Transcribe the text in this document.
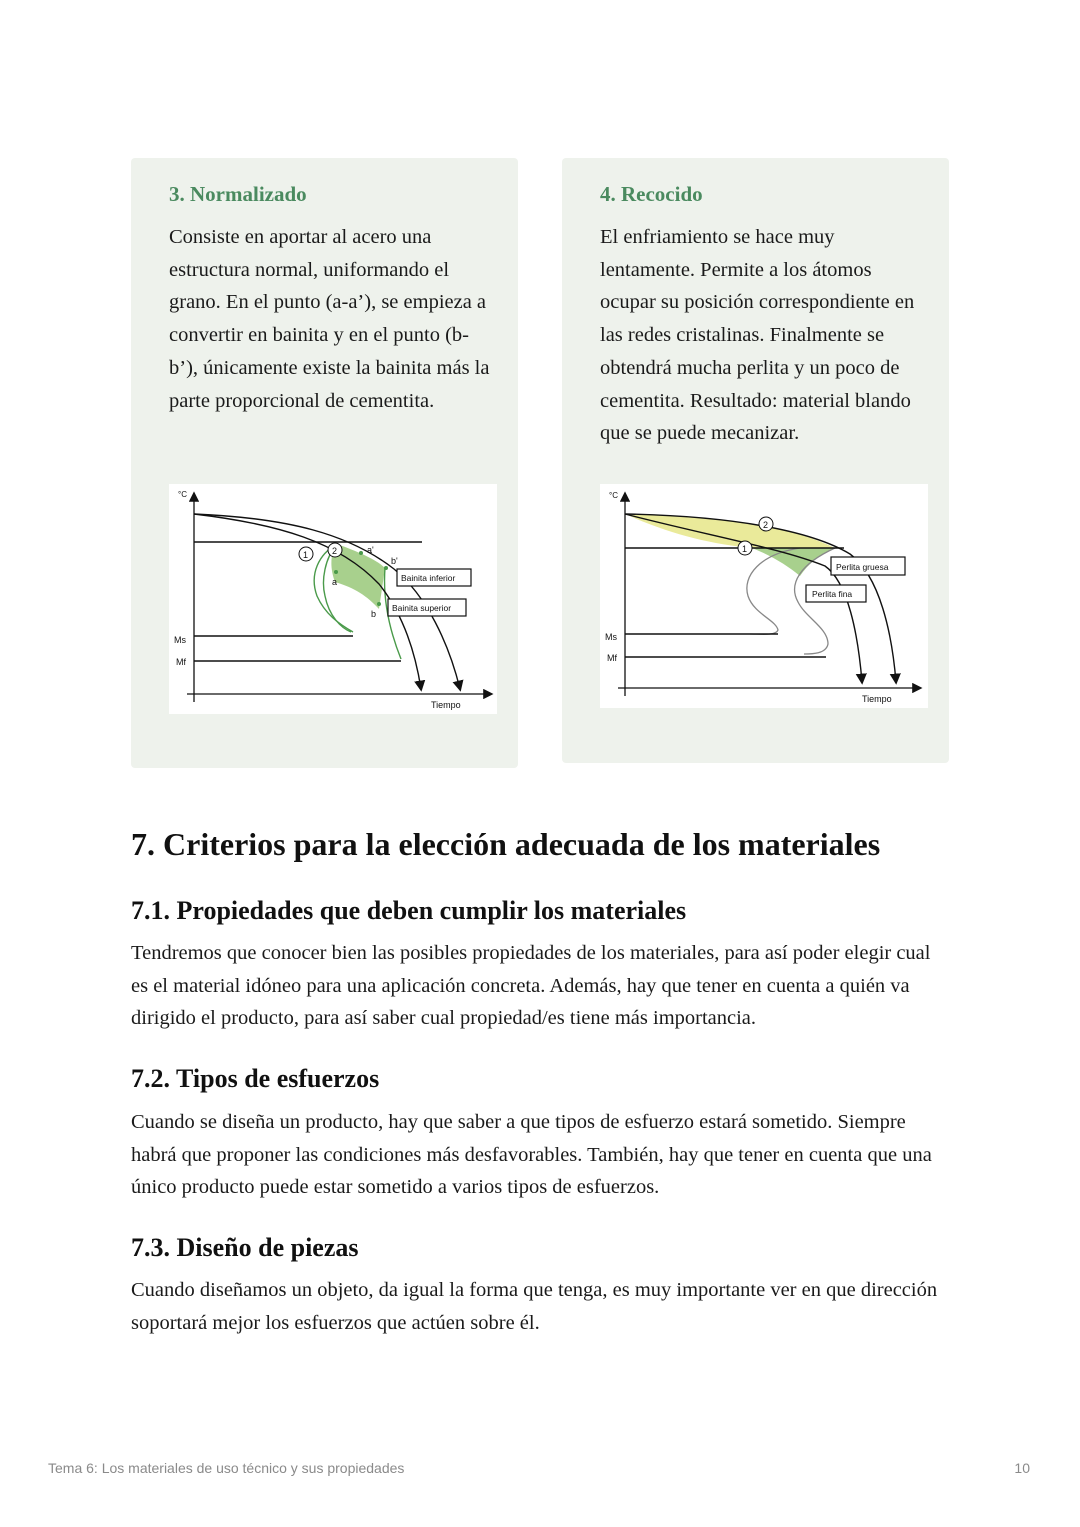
3. Normalizado

Consiste en aportar al acero una estructura normal, uniformando el grano. En el punto (a-a’), se empieza a convertir en bainita y en el punto (b-b’), únicamente existe la bainita más la parte proporcional de cementita.

°C
Tiempo
Ms
Mf
1	2
a
a'
b
b'
Bainita inferior
Bainita superior
4. Recocido

El enfriamiento se hace muy lentamente. Permite a los átomos ocupar su posición correspondiente en las redes cristalinas. Finalmente se obtendrá mucha perlita y un poco de cementita. Resultado: material blando que se puede mecanizar.

°C
Tiempo
Ms
Mf
1
2
Perlita gruesa
Perlita fina
7. Criterios para la elección adecuada de los materiales
7.1. Propiedades que deben cumplir los materiales

Tendremos que conocer bien las posibles propiedades de los materiales, para así poder elegir cual es el material idóneo para una aplicación concreta. Además, hay que tener en cuenta a quién va dirigido el producto, para así saber cual propiedad/es tiene más importancia.

7.2. Tipos de esfuerzos

Cuando se diseña un producto, hay que saber a que tipos de esfuerzo estará sometido. Siempre habrá que proponer las condiciones más desfavorables. También, hay que tener en cuenta que una único producto puede estar sometido a varios tipos de esfuerzos.

7.3. Diseño de piezas

Cuando diseñamos un objeto, da igual la forma que tenga, es muy importante ver en que dirección soportará mejor los esfuerzos que actúen sobre él.

Tema 6: Los materiales de uso técnico y sus propiedades	10
